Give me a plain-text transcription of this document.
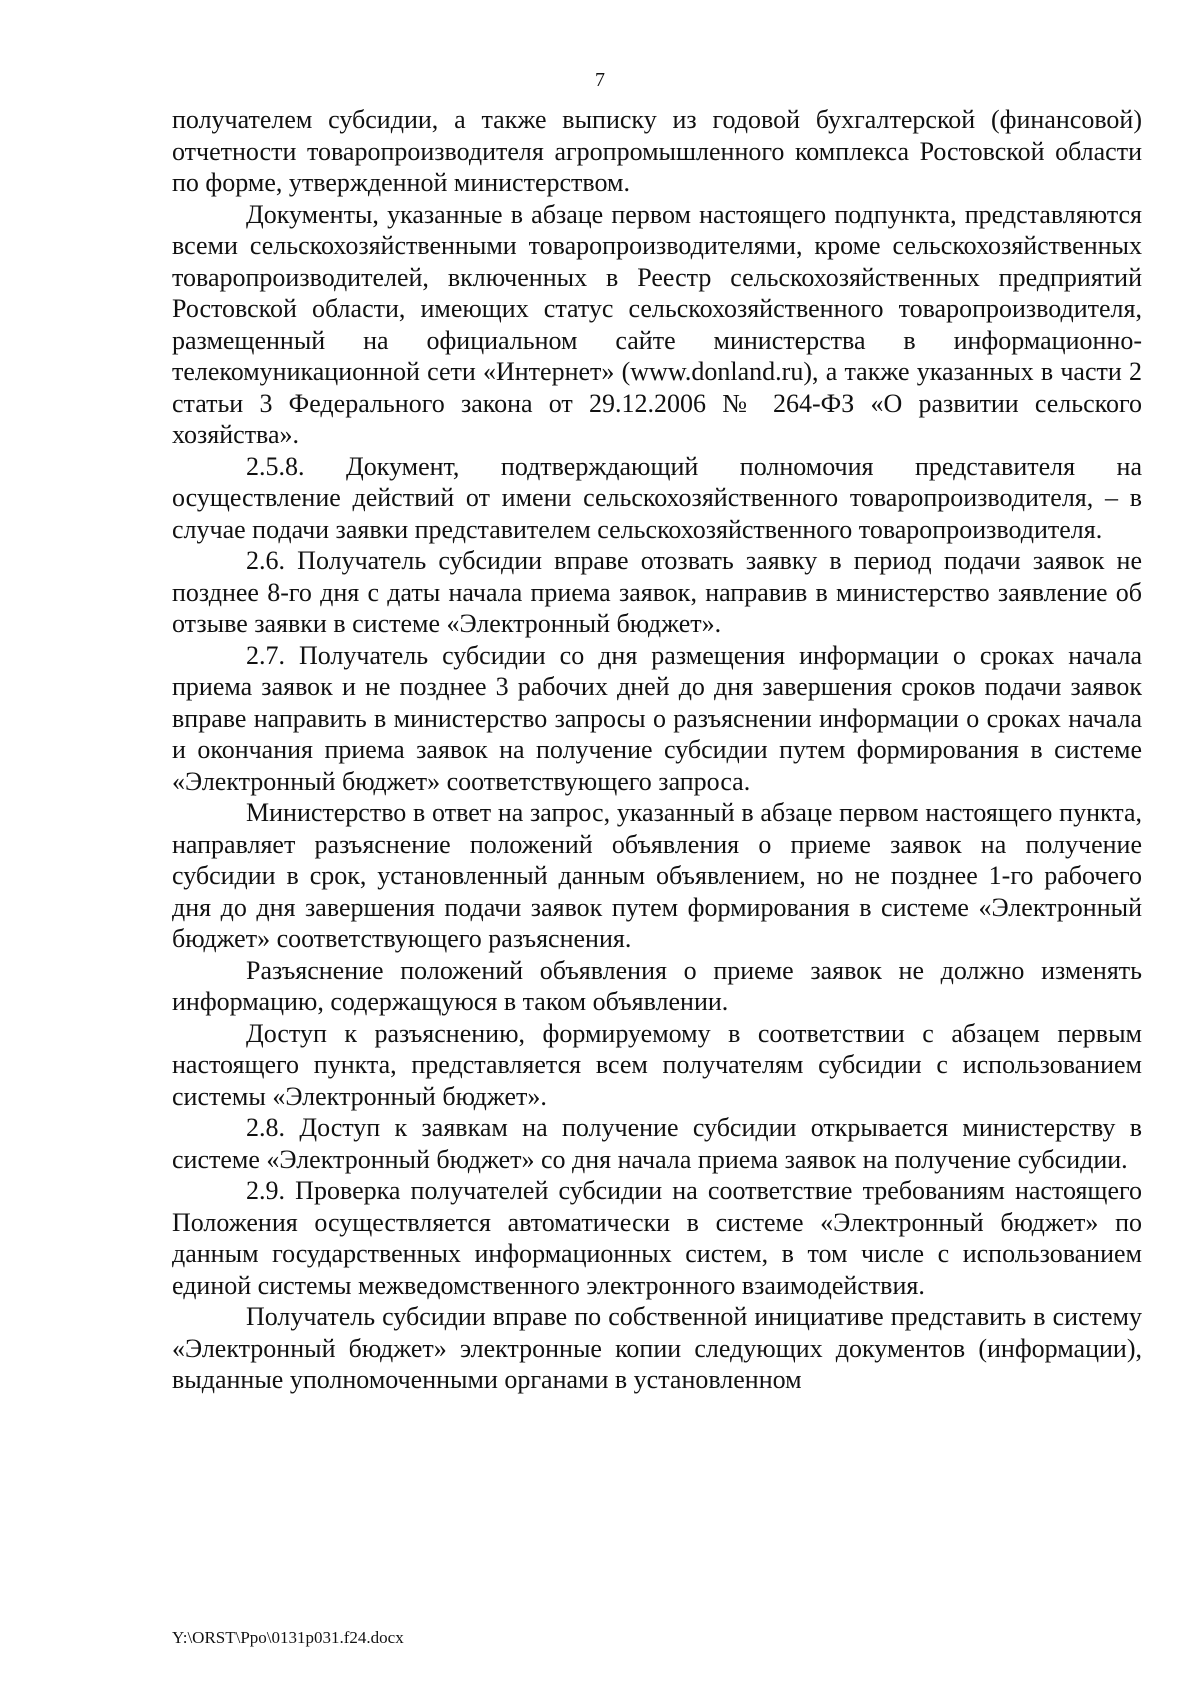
7

получателем субсидии, а также выписку из годовой бухгалтерской (финансовой) отчетности товаропроизводителя агропромышленного комплекса Ростовской области по форме, утвержденной министерством.

Документы, указанные в абзаце первом настоящего подпункта, представляются всеми сельскохозяйственными товаропроизводителями, кроме сельскохозяйственных товаропроизводителей, включенных в Реестр сельскохозяйственных предприятий Ростовской области, имеющих статус сельскохозяйственного товаропроизводителя, размещенный на официальном сайте министерства в информационно-телекомуникационной сети «Интернет» (www.donland.ru), а также указанных в части 2 статьи 3 Федерального закона от 29.12.2006 № 264-ФЗ «О развитии сельского хозяйства».

2.5.8. Документ, подтверждающий полномочия представителя на осуществление действий от имени сельскохозяйственного товаропроизводителя, – в случае подачи заявки представителем сельскохозяйственного товаропроизводителя.

2.6. Получатель субсидии вправе отозвать заявку в период подачи заявок не позднее 8-го дня с даты начала приема заявок, направив в министерство заявление об отзыве заявки в системе «Электронный бюджет».

2.7. Получатель субсидии со дня размещения информации о сроках начала приема заявок и не позднее 3 рабочих дней до дня завершения сроков подачи заявок вправе направить в министерство запросы о разъяснении информации о сроках начала и окончания приема заявок на получение субсидии путем формирования в системе «Электронный бюджет» соответствующего запроса.

Министерство в ответ на запрос, указанный в абзаце первом настоящего пункта, направляет разъяснение положений объявления о приеме заявок на получение субсидии в срок, установленный данным объявлением, но не позднее 1-го рабочего дня до дня завершения подачи заявок путем формирования в системе «Электронный бюджет» соответствующего разъяснения.

Разъяснение положений объявления о приеме заявок не должно изменять информацию, содержащуюся в таком объявлении.

Доступ к разъяснению, формируемому в соответствии с абзацем первым настоящего пункта, представляется всем получателям субсидии с использованием системы «Электронный бюджет».

2.8. Доступ к заявкам на получение субсидии открывается министерству в системе «Электронный бюджет» со дня начала приема заявок на получение субсидии.

2.9. Проверка получателей субсидии на соответствие требованиям настоящего Положения осуществляется автоматически в системе «Электронный бюджет» по данным государственных информационных систем, в том числе с использованием единой системы межведомственного электронного взаимодействия.

Получатель субсидии вправе по собственной инициативе представить в систему «Электронный бюджет» электронные копии следующих документов (информации), выданные уполномоченными органами в установленном

Y:\ORST\Ppo\0131p031.f24.docx
